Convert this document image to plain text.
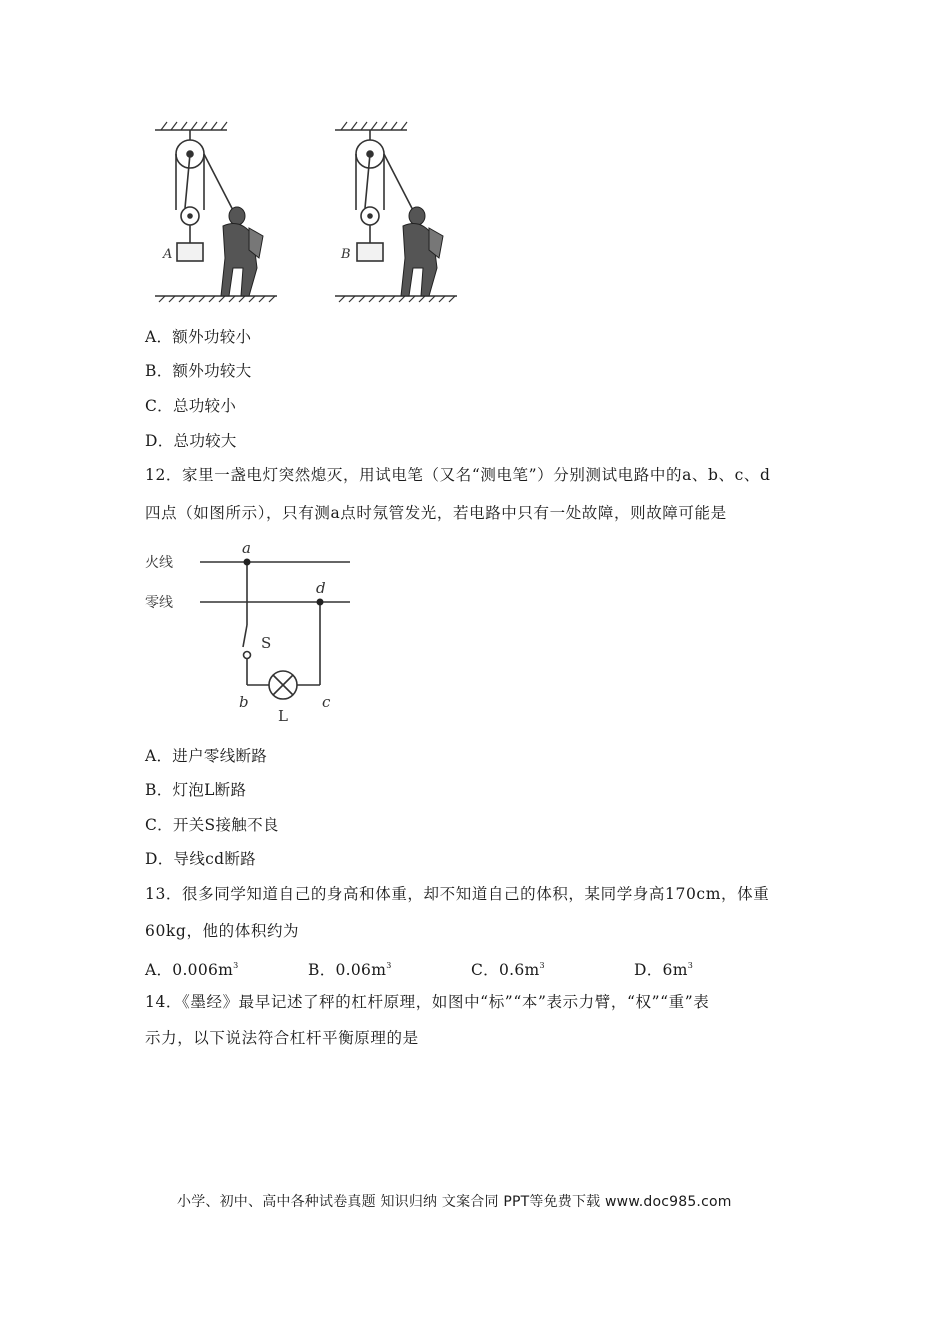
A	B
A．额外功较小
B．额外功较大
C．总功较小
D．总功较大
12．家里一盏电灯突然熄灭，用试电笔（又名“测电笔”）分别测试电路中的a、b、c、d
四点（如图所示），只有测a点时氖管发光，若电路中只有一处故障，则故障可能是
火线
零线
a
d
S
b	c
L
A．进户零线断路
B．灯泡L断路
C．开关S接触不良
D．导线cd断路
13．很多同学知道自己的身高和体重，却不知道自己的体积，某同学身高170cm，体重
60kg，他的体积约为
A．$0.006m^3$	B．$0.06m^3$	C．$0.6m^3$	D．$6m^3$
14．《墨经》最早记述了秤的杠杆原理，如图中“标”“本”表示力臂，“权”“重”表
示力，以下说法符合杠杆平衡原理的是
小学、初中、高中各种试卷真题 知识归纳 文案合同 PPT等免费下载 www.doc985.com
